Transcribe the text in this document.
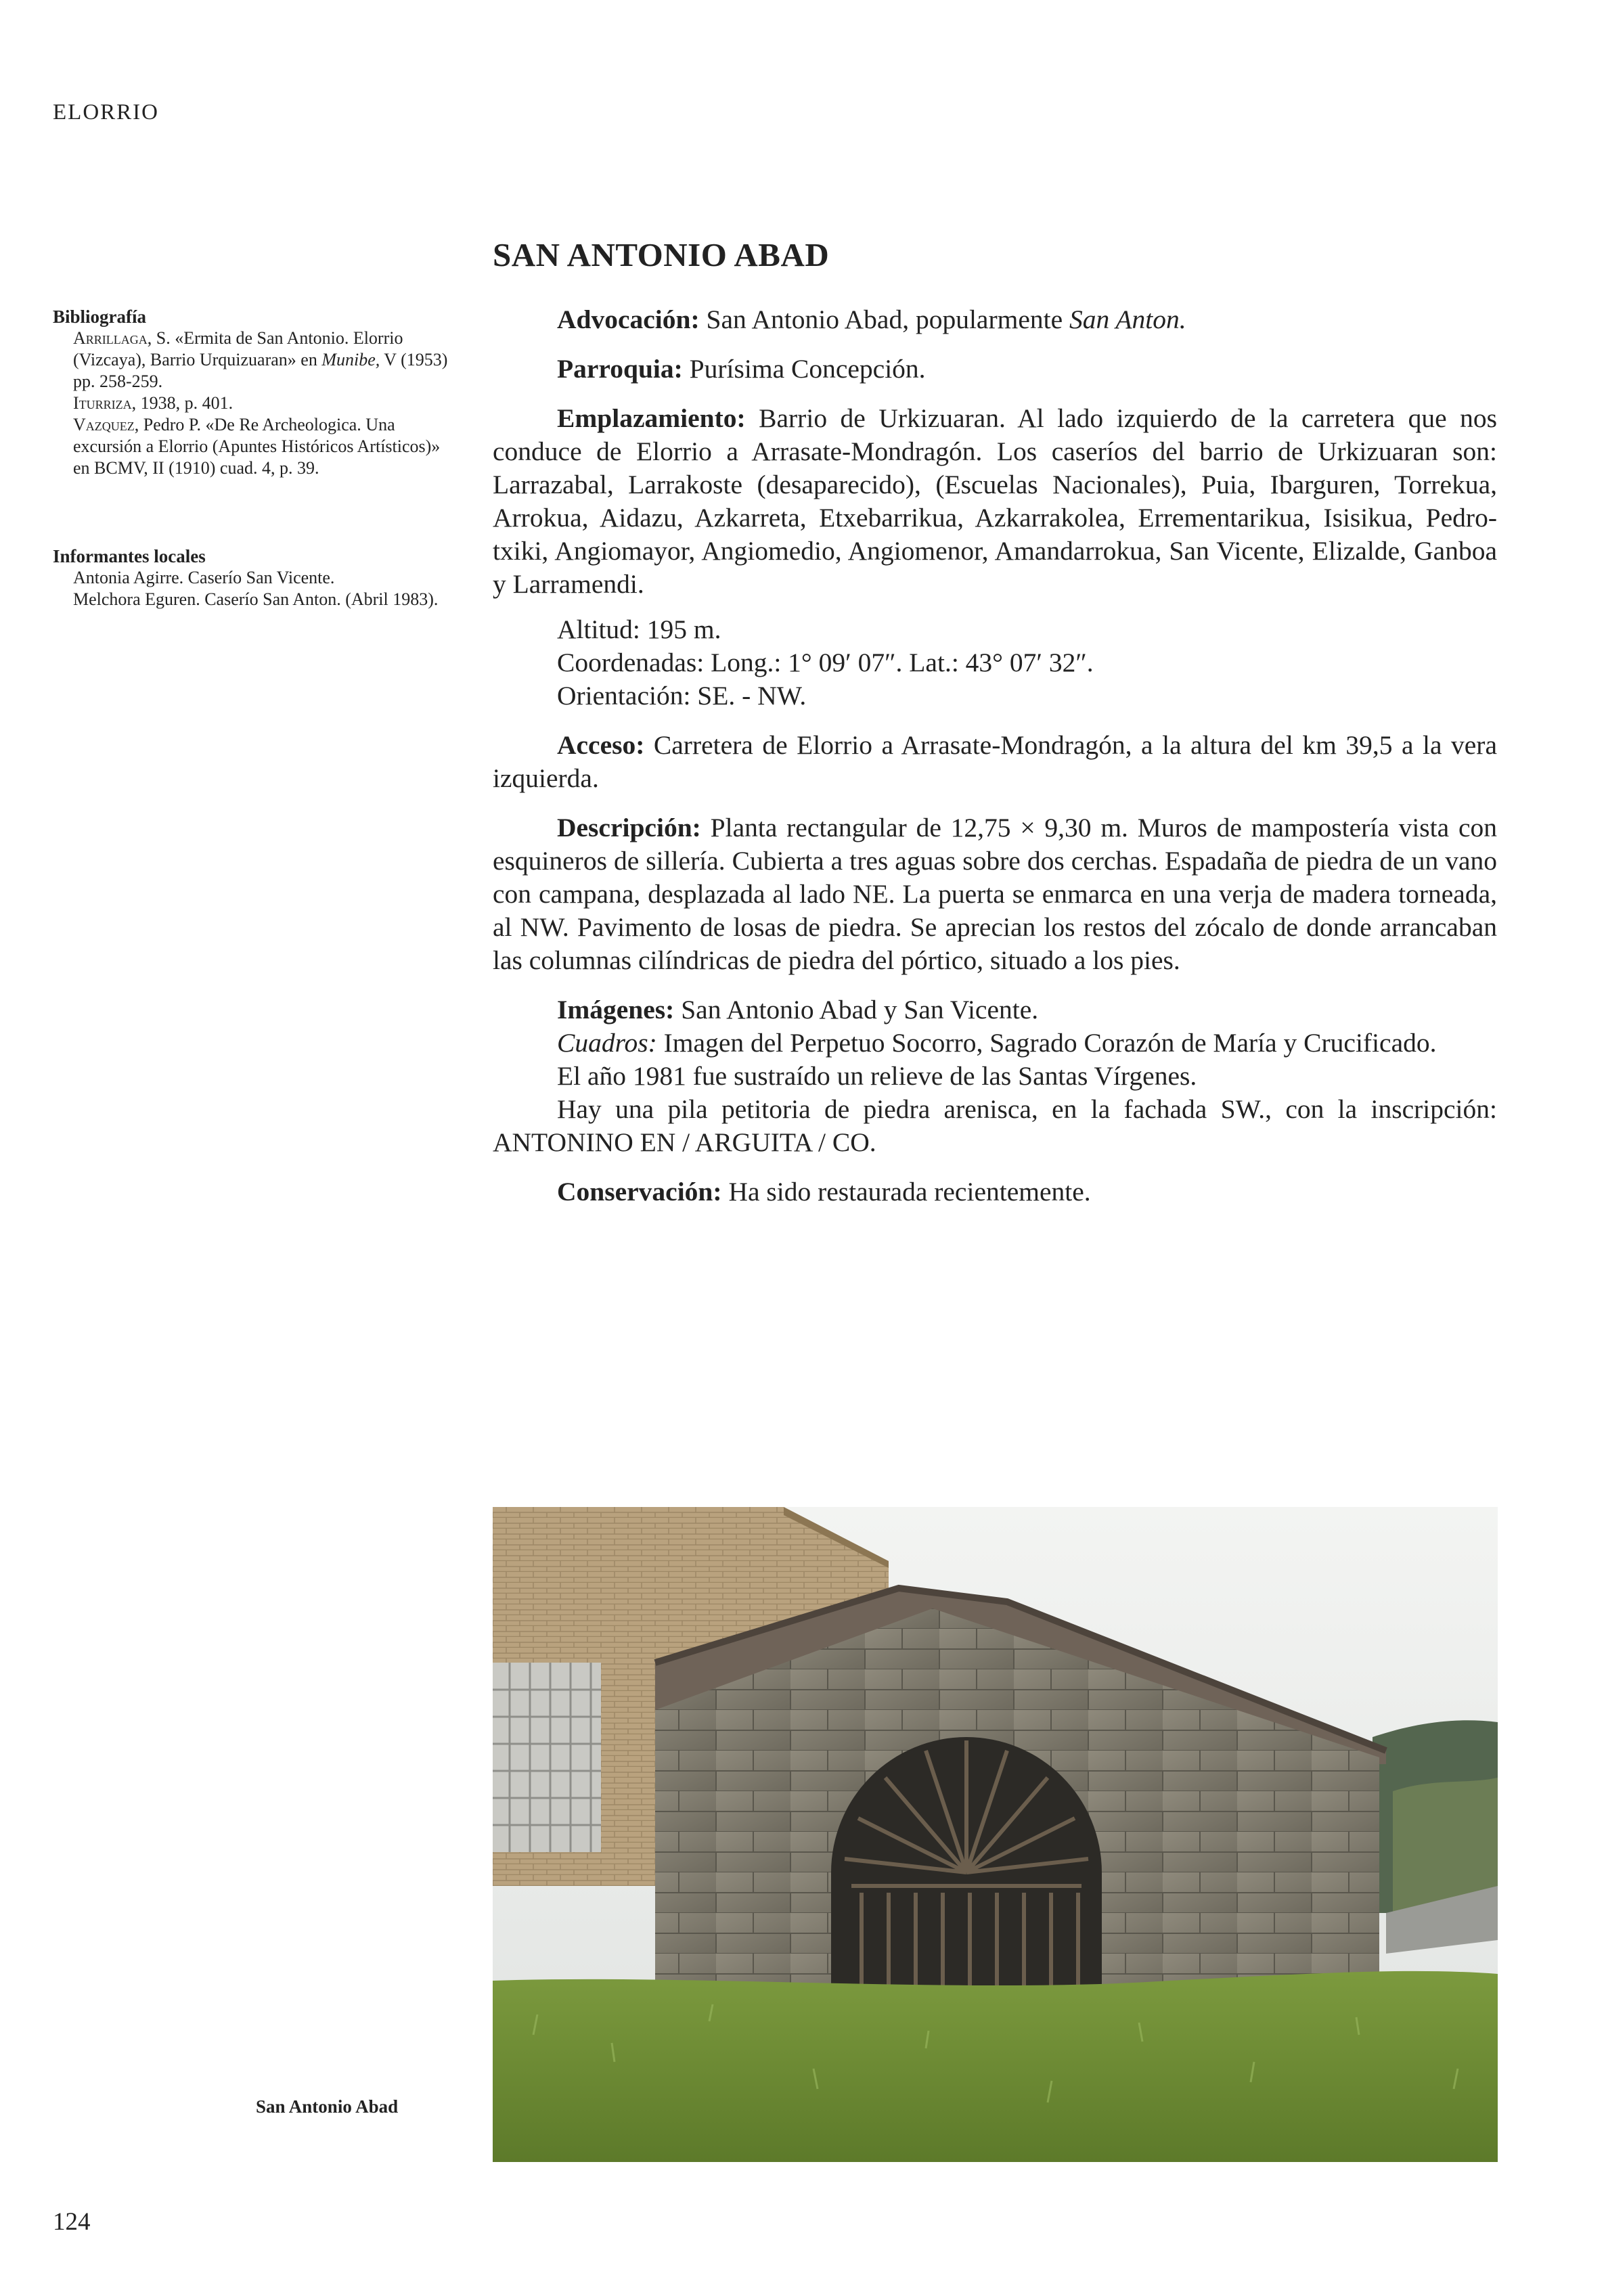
ELORRIO
SAN ANTONIO ABAD
Bibliografía

Arrillaga, S. «Ermita de San Antonio. Elorrio (Vizcaya), Barrio Urquizuaran» en Munibe, V (1953) pp. 258-259.

Iturriza, 1938, p. 401.

Vazquez, Pedro P. «De Re Archeologica. Una excursión a Elorrio (Apuntes Históricos Artísticos)» en BCMV, II (1910) cuad. 4, p. 39.

Informantes locales

Antonia Agirre. Caserío San Vicente.

Melchora Eguren. Caserío San Anton. (Abril 1983).

Advocación: San Antonio Abad, popularmente San Anton.

Parroquia: Purísima Concepción.

Emplazamiento: Barrio de Urkizuaran. Al lado izquierdo de la carretera que nos conduce de Elorrio a Arrasate-Mondragón. Los caseríos del barrio de Urkizuaran son: Larrazabal, Larrakoste (desaparecido), (Escuelas Nacionales), Puia, Ibarguren, Torrekua, Arrokua, Aidazu, Azkarreta, Etxebarrikua, Azkarrakolea, Errementarikua, Isisikua, Pedro-txiki, Angiomayor, Angiomedio, Angiomenor, Amandarrokua, San Vicente, Elizalde, Ganboa y Larramendi.

Altitud: 195 m.

Coordenadas: Long.: 1° 09′ 07″. Lat.: 43° 07′ 32″.

Orientación: SE. - NW.

Acceso: Carretera de Elorrio a Arrasate-Mondragón, a la altura del km 39,5 a la vera izquierda.

Descripción: Planta rectangular de 12,75 × 9,30 m. Muros de mampostería vista con esquineros de sillería. Cubierta a tres aguas sobre dos cerchas. Espadaña de piedra de un vano con campana, desplazada al lado NE. La puerta se enmarca en una verja de madera torneada, al NW. Pavimento de losas de piedra. Se aprecian los restos del zócalo de donde arrancaban las columnas cilíndricas de piedra del pórtico, situado a los pies.

Imágenes: San Antonio Abad y San Vicente.

Cuadros: Imagen del Perpetuo Socorro, Sagrado Corazón de María y Crucificado.

El año 1981 fue sustraído un relieve de las Santas Vírgenes.

Hay una pila petitoria de piedra arenisca, en la fachada SW., con la inscripción: ANTONINO EN / ARGUITA / CO.

Conservación: Ha sido restaurada recientemente.

San Antonio Abad
124
